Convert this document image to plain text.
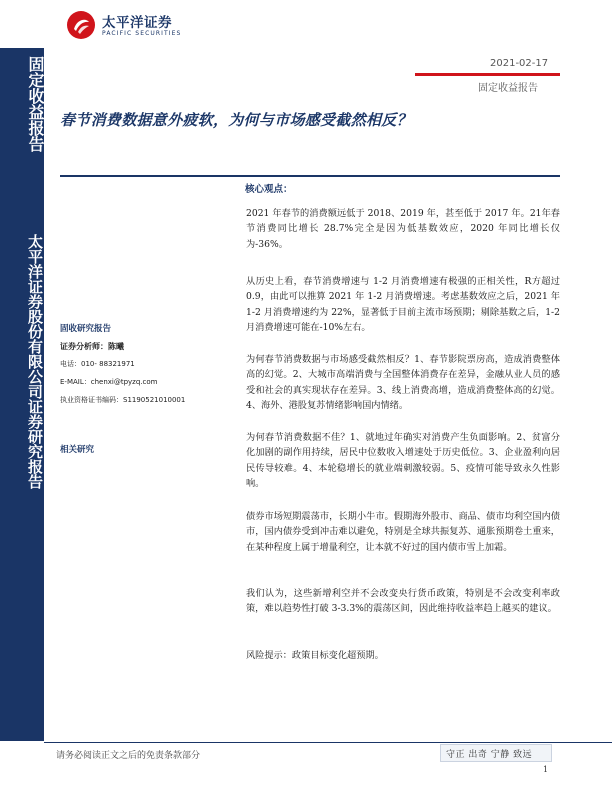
固定收益报告
太平洋证券股份有限公司证券研究报告
太平洋证券
PACIFIC SECURITIES
2021-02-17
固定收益报告
春节消费数据意外疲软，为何与市场感受截然相反？
固收研究报告
证券分析师：陈曦
电话：010- 88321971
E-MAIL：chenxi@tpyzq.com
执业资格证书编码：S1190521010001
相关研究
核心观点：

2021 年春节的消费额远低于 2018、2019 年，甚至低于 2017 年。21年春节消费同比增长 28.7%完全是因为低基数效应，2020 年同比增长仅为-36%。

从历史上看，春节消费增速与 1-2 月消费增速有极强的正相关性，R方超过 0.9，由此可以推算 2021 年 1-2 月消费增速。考虑基数效应之后，2021 年 1-2 月消费增速约为 22%，显著低于目前主流市场预期；剔除基数之后，1-2 月消费增速可能在-10%左右。

为何春节消费数据与市场感受截然相反？1、春节影院票房高，造成消费整体高的幻觉。2、大城市高端消费与全国整体消费存在差异，金融从业人员的感受和社会的真实现状存在差异。3、线上消费高增，造成消费整体高的幻觉。4、海外、港股复苏情绪影响国内情绪。

为何春节消费数据不佳？1、就地过年确实对消费产生负面影响。2、贫富分化加剧的副作用持续，居民中位数收入增速处于历史低位。3、企业盈利向居民传导较难。4、本轮稳增长的就业端刺激较弱。5、疫情可能导致永久性影响。

债券市场短期震荡市，长期小牛市。假期海外股市、商品、债市均利空国内债市，国内债券受到冲击难以避免，特别是全球共振复苏、通胀预期卷土重来，在某种程度上属于增量利空，让本就不好过的国内债市雪上加霜。

我们认为，这些新增利空并不会改变央行货币政策，特别是不会改变利率政策，难以趋势性打破 3-3.3%的震荡区间，因此维持收益率趋上越买的建议。

风险提示：政策目标变化超预期。

请务必阅读正文之后的免责条款部分	守正 出奇 宁静 致远
1
